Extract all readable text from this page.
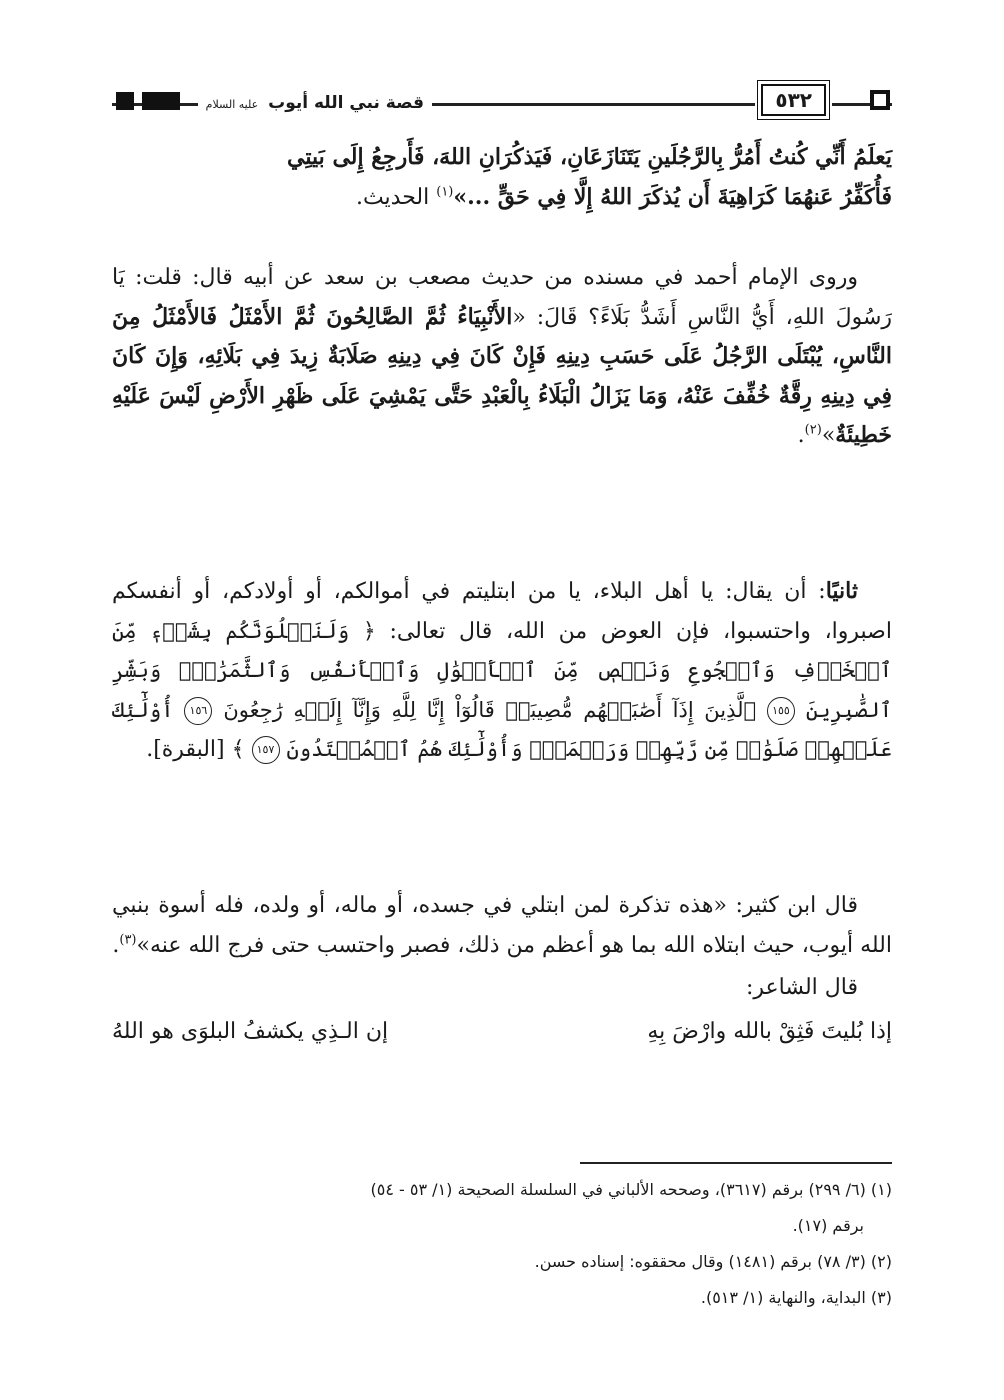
قصة نبي الله أيوب عليه السلام	٥٣٢

يَعلَمُ أَنِّي كُنتُ أَمُرُّ بِالرَّجُلَينِ يَتَنَازَعَانِ، فَيَذكُرَانِ اللهَ، فَأَرجِعُ إِلَى بَيتِي

فَأُكَفِّرُ عَنهُمَا كَرَاهِيَةَ أَن يُذكَرَ اللهُ إِلَّا فِي حَقٍّ ...»$^{(١)}$ الحديث.

وروى الإمام أحمد في مسنده من حديث مصعب بن سعد عن أبيه قال: قلت: يَا رَسُولَ اللهِ، أَيُّ النَّاسِ أَشَدُّ بَلَاءً؟ قَالَ: «الأَنْبِيَاءُ ثُمَّ الصَّالِحُونَ ثُمَّ الأَمْثَلُ فَالأَمْثَلُ مِنَ النَّاسِ، يُبْتَلَى الرَّجُلُ عَلَى حَسَبِ دِينِهِ فَإِنْ كَانَ فِي دِينِهِ صَلَابَةٌ زِيدَ فِي بَلَائِهِ، وَإِنَ كَانَ فِي دِينِهِ رِقَّةٌ خُفِّفَ عَنْهُ، وَمَا يَزَالُ الْبَلَاءُ بِالْعَبْدِ حَتَّى يَمْشِيَ عَلَى ظَهْرِ الأَرْضِ لَيْسَ عَلَيْهِ خَطِيئَةٌ»$^{(٢)}$.

ثانيًا: أن يقال: يا أهل البلاء، يا من ابتليتم في أموالكم، أو أولادكم، أو أنفسكم اصبروا، واحتسبوا، فإن العوض من الله، قال تعالى: ﴿ وَلَنَبۡلُوَنَّكُم بِشَيۡءٖ مِّنَ ٱلۡخَوۡفِ وَٱلۡجُوعِ وَنَقۡصٖ مِّنَ ٱلۡأَمۡوَٰلِ وَٱلۡأَنفُسِ وَٱلثَّمَرَٰتِۗ وَبَشِّرِ ٱلصَّٰبِرِينَ ١٥٥ ٱلَّذِينَ إِذَآ أَصَٰبَتۡهُم مُّصِيبَةٞ قَالُوٓاْ إِنَّا لِلَّهِ وَإِنَّآ إِلَيۡهِ رَٰجِعُونَ ١٥٦ أُوْلَٰٓئِكَ عَلَيۡهِمۡ صَلَوَٰتٞ مِّن رَّبِّهِمۡ وَرَحۡمَةٞۖ وَأُوْلَٰٓئِكَ هُمُ ٱلۡمُهۡتَدُونَ ١٥٧ ﴾ [البقرة].

قال ابن كثير: «هذه تذكرة لمن ابتلي في جسده، أو ماله، أو ولده، فله أسوة بنبي الله أيوب، حيث ابتلاه الله بما هو أعظم من ذلك، فصبر واحتسب حتى فرج الله عنه»$^{(٣)}$.

قال الشاعر:

إذا بُليتَ فَثِقْ بالله وارْضَ بِهِ
إن الـذِي يكشفُ البلوَى هو اللهُ

(١) (٦/ ٢٩٩) برقم (٣٦١٧)، وصححه الألباني في السلسلة الصحيحة (١/ ٥٣ - ٥٤)

برقم (١٧).

(٢) (٣/ ٧٨) برقم (١٤٨١) وقال محققوه: إسناده حسن.

(٣) البداية، والنهاية (١/ ٥١٣).
